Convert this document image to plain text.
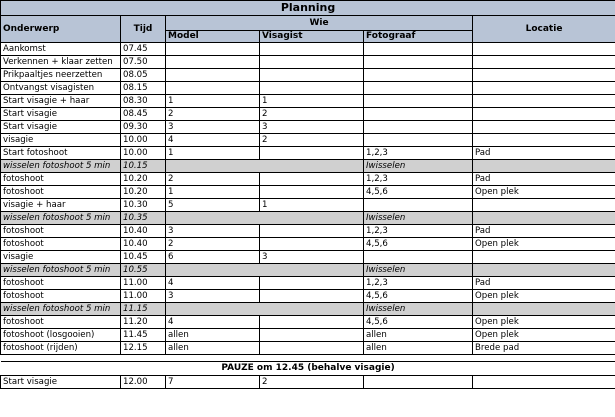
Planning					
Onderwerp	Tijd	Wie			Locatie
		Model	Visagist	Fotograaf	
Aankomst	07.45				
Verkennen + klaar zetten	07.50				
Prikpaaltjes neerzetten	08.05				
Ontvangst visagisten	08.15				
Start visagie + haar	08.30	1	1		
Start visagie	08.45	2	2		
Start visagie	09.30	3	3		
visagie	10.00	4	2		
Start fotoshoot	10.00	1		1,2,3	Pad
wisselen fotoshoot 5 min	10.15			Iwisselen	
fotoshoot	10.20	2		1,2,3	Pad
fotoshoot	10.20	1		4,5,6	Open plek
visagie + haar	10.30	5	1		
wisselen fotoshoot 5 min	10.35			Iwisselen	
fotoshoot	10.40	3		1,2,3	Pad
fotoshoot	10.40	2		4,5,6	Open plek
visagie	10.45	6	3		
wisselen fotoshoot 5 min	10.55			Iwisselen	
fotoshoot	11.00	4		1,2,3	Pad
fotoshoot	11.00	3		4,5,6	Open plek
wisselen fotoshoot 5 min	11.15			Iwisselen	
fotoshoot	11.20	4		4,5,6	Open plek
fotoshoot (losgooien)	11.45	allen		allen	Open plek
fotoshoot (rijden)	12.15	allen		allen	Brede pad

PAUZE om 12.45 (behalve visagie)					
Start visagie	12.00	7	2		
